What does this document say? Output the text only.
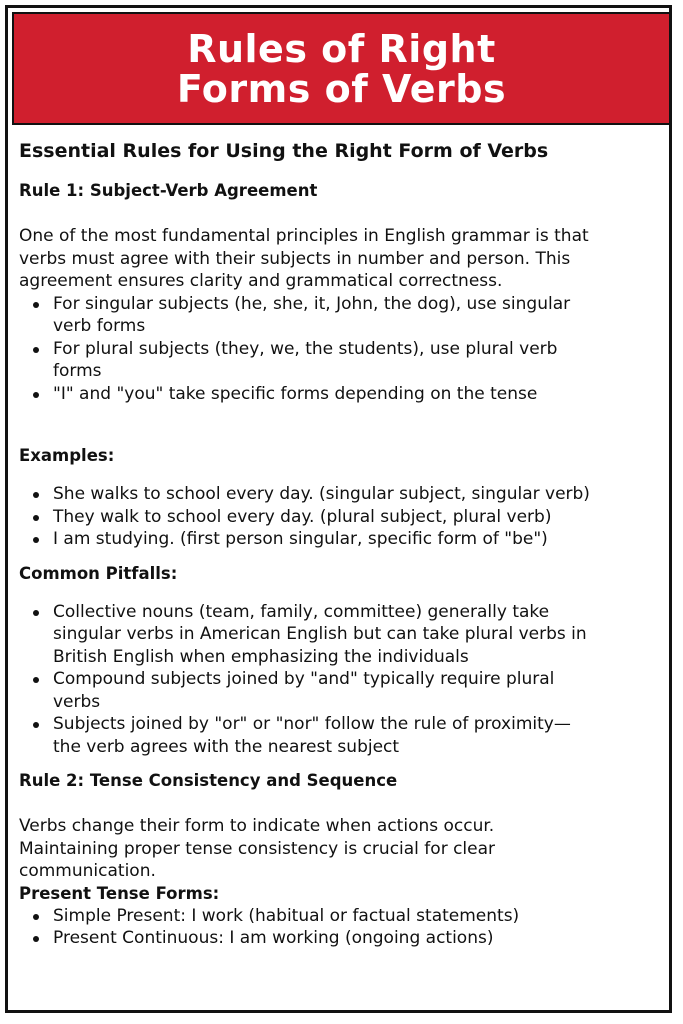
Rules of Right
Forms of Verbs
Essential Rules for Using the Right Form of Verbs
Rule 1: Subject-Verb Agreement

One of the most fundamental principles in English grammar is that
verbs must agree with their subjects in number and person. This
agreement ensures clarity and grammatical correctness.

For singular subjects (he, she, it, John, the dog), use singular
verb forms
For plural subjects (they, we, the students), use plural verb
forms
"I" and "you" take specific forms depending on the tense
Examples:
She walks to school every day. (singular subject, singular verb)
They walk to school every day. (plural subject, plural verb)
I am studying. (first person singular, specific form of "be")
Common Pitfalls:
Collective nouns (team, family, committee) generally take
singular verbs in American English but can take plural verbs in
British English when emphasizing the individuals
Compound subjects joined by "and" typically require plural
verbs
Subjects joined by "or" or "nor" follow the rule of proximity—
the verb agrees with the nearest subject
Rule 2: Tense Consistency and Sequence

Verbs change their form to indicate when actions occur.
Maintaining proper tense consistency is crucial for clear
communication.

Present Tense Forms:
Simple Present: I work (habitual or factual statements)
Present Continuous: I am working (ongoing actions)
